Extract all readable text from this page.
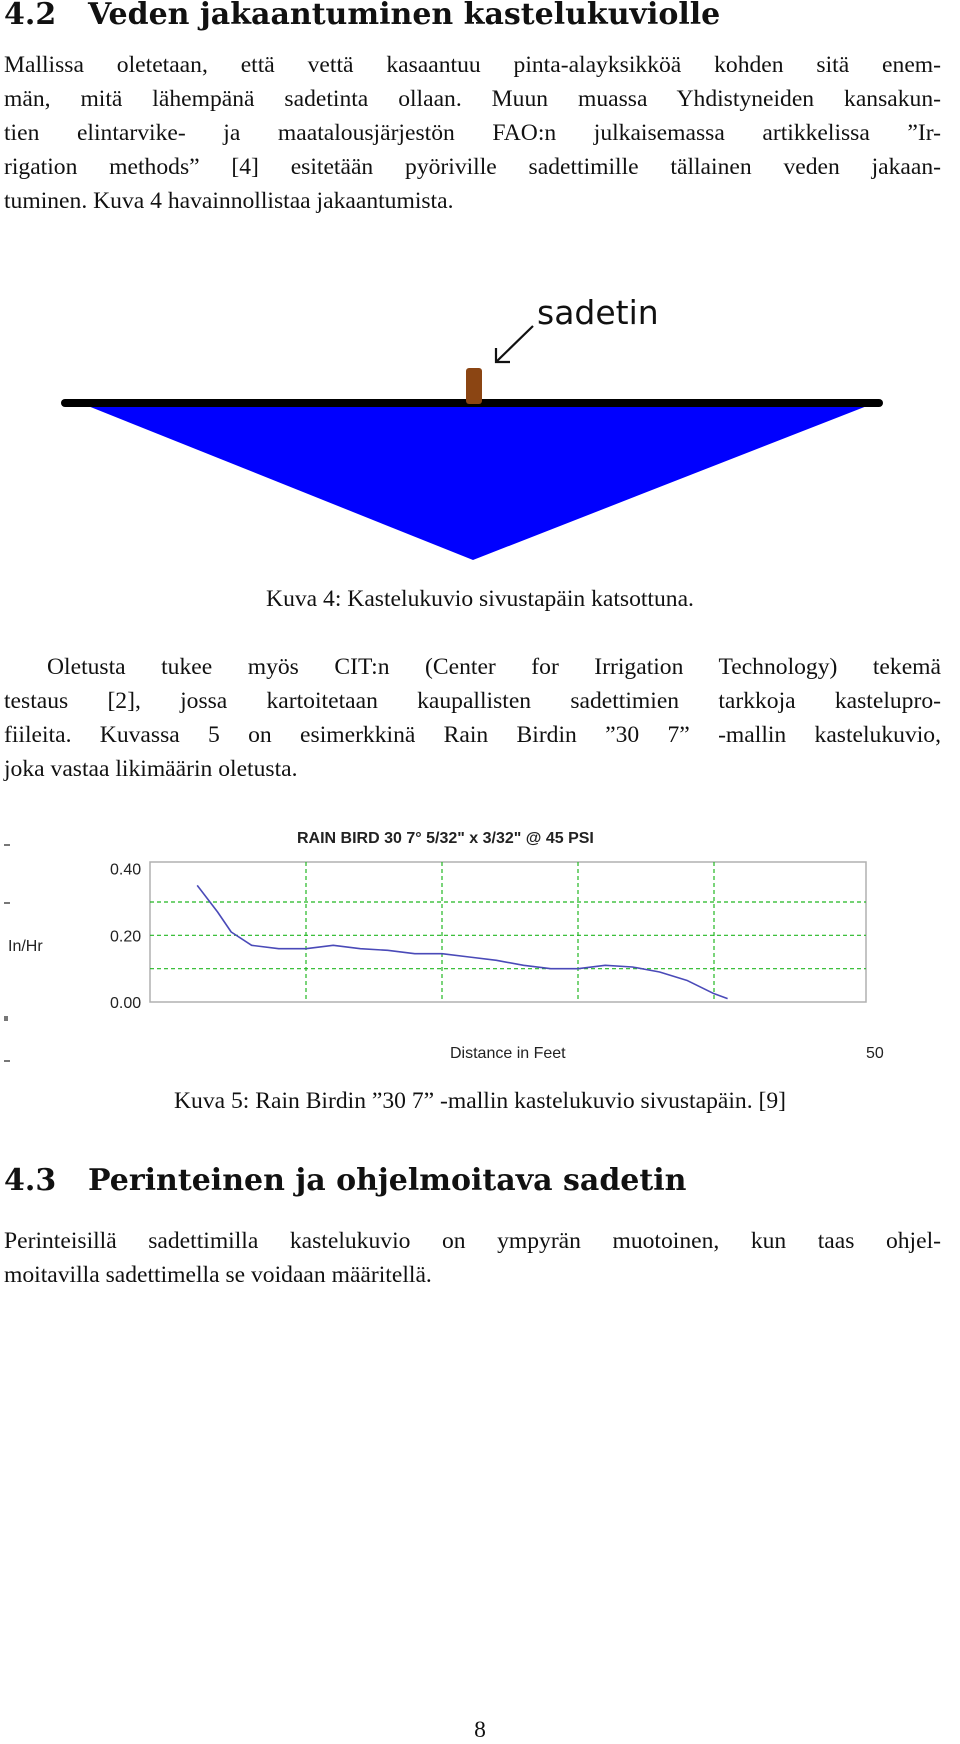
4.2 Veden jakaantuminen kastelukuviolle

Mallissa oletetaan, että vettä kasaantuu pinta-alayksikköä kohden sitä enem-
män, mitä lähempänä sadetinta ollaan. Muun muassa Yhdistyneiden kansakun-
tien elintarvike- ja maatalousjärjestön FAO:n julkaisemassa artikkelissa ”Ir-
rigation methods” [4] esitetään pyöriville sadettimille tällainen veden jakaan-
tuminen. Kuva 4 havainnollistaa jakaantumista.

sadetin

Kuva 4: Kastelukuvio sivustapäin katsottuna.

Oletusta tukee myös CIT:n (Center for Irrigation Technology) tekemä
testaus [2], jossa kartoitetaan kaupallisten sadettimien tarkkoja kastelupro-
fiileita. Kuvassa 5 on esimerkkinä Rain Birdin ”30 7” -mallin kastelukuvio,
joka vastaa likimäärin oletusta.

0.00
0.20
0.40
50
RAIN BIRD 30 7° 5/32" x 3/32" @ 45 PSI
In/Hr
Distance in Feet

Kuva 5: Rain Birdin ”30 7” -mallin kastelukuvio sivustapäin. [9]

4.3 Perinteinen ja ohjelmoitava sadetin

Perinteisillä sadettimilla kastelukuvio on ympyrän muotoinen, kun taas ohjel-
moitavilla sadettimella se voidaan määritellä.

8
